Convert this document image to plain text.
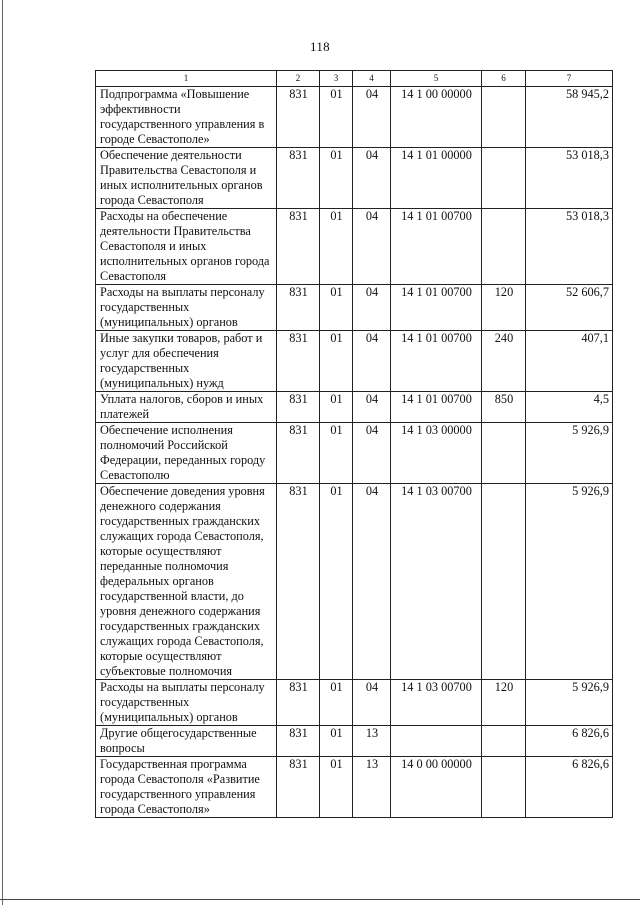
118
1	2	3	4	5	6	7
Подпрограмма «Повышение эффективности государственного управления в городе Севастополе»	831	01	04	14 1 00 00000		58 945,2
Обеспечение деятельности Правительства Севастополя и иных исполнительных органов города Севастополя	831	01	04	14 1 01 00000		53 018,3
Расходы на обеспечение деятельности Правительства Севастополя и иных исполнительных органов города Севастополя	831	01	04	14 1 01 00700		53 018,3
Расходы на выплаты персоналу государственных (муниципальных) органов	831	01	04	14 1 01 00700	120	52 606,7
Иные закупки товаров, работ и услуг для обеспечения государственных (муниципальных) нужд	831	01	04	14 1 01 00700	240	407,1
Уплата налогов, сборов и иных платежей	831	01	04	14 1 01 00700	850	4,5
Обеспечение исполнения полномочий Российской Федерации, переданных городу Севастополю	831	01	04	14 1 03 00000		5 926,9
Обеспечение доведения уровня денежного содержания государственных гражданских служащих города Севастополя, которые осуществляют переданные полномочия федеральных органов государственной власти, до уровня денежного содержания государственных гражданских служащих города Севастополя, которые осуществляют субъектовые полномочия	831	01	04	14 1 03 00700		5 926,9
Расходы на выплаты персоналу государственных (муниципальных) органов	831	01	04	14 1 03 00700	120	5 926,9
Другие общегосударственные вопросы	831	01	13			6 826,6
Государственная программа города Севастополя «Развитие государственного управления города Севастополя»	831	01	13	14 0 00 00000		6 826,6
